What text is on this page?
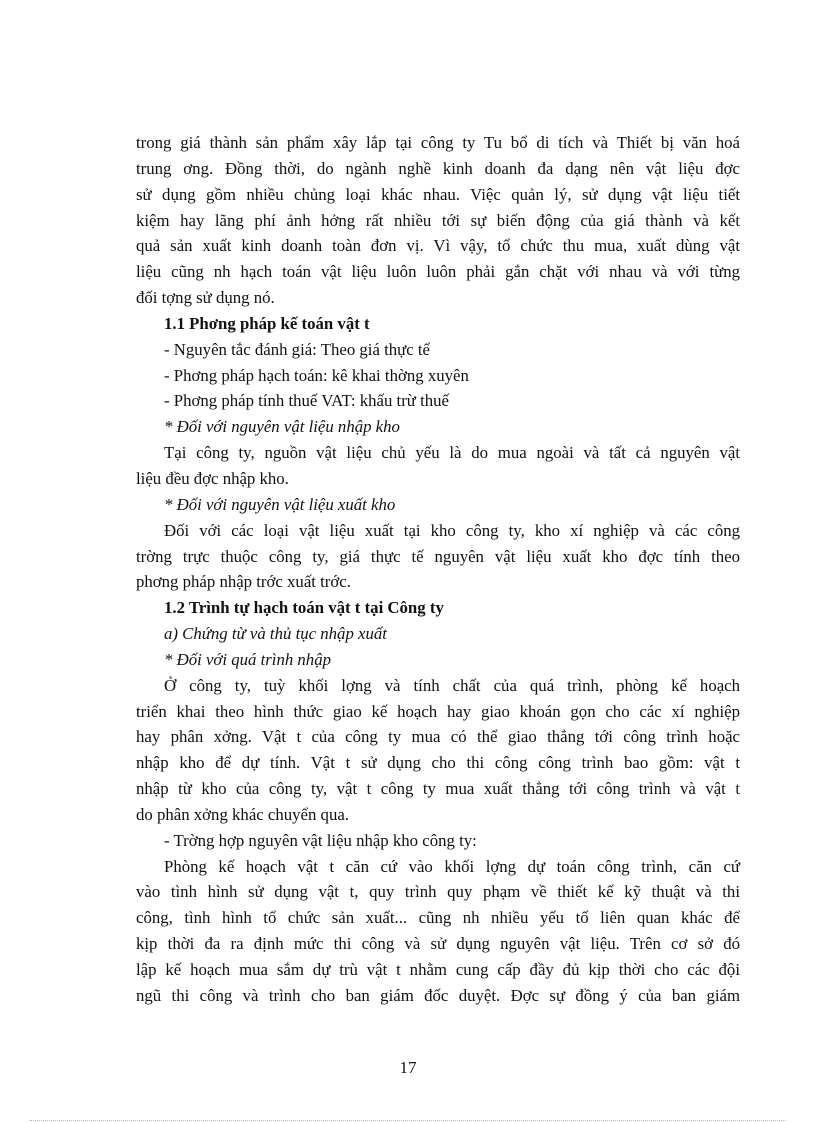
trong giá thành sản phẩm xây lắp tại công ty Tu bổ di tích và Thiết bị văn hoá
trung ơng. Đồng thời, do ngành nghề kinh doanh đa dạng nên vật liệu đợc
sử dụng gồm nhiều chủng loại khác nhau. Việc quản lý, sử dụng vật liệu tiết
kiệm hay lãng phí ảnh hởng rất nhiều tới sự biến động của giá thành và kết
quả sản xuất kinh doanh toàn đơn vị. Vì vậy, tổ chức thu mua, xuất dùng vật
liệu cũng nh hạch toán vật liệu luôn luôn phải gắn chặt với nhau và với từng
đối tợng sử dụng nó.
1.1 Phơng pháp kế toán vật t
- Nguyên tắc đánh giá: Theo giá thực tế
- Phơng pháp hạch toán: kê khai thờng xuyên
- Phơng pháp tính thuế VAT: khấu trừ thuế
* Đối với nguyên vật liệu nhập kho
Tại công ty, nguồn vật liệu chủ yếu là do mua ngoài và tất cả nguyên vật
liệu đều đợc nhập kho.
* Đối với nguyên vật liệu xuất kho
Đối với các loại vật liệu xuất tại kho công ty, kho xí nghiệp và các công
trờng trực thuộc công ty, giá thực tế nguyên vật liệu xuất kho đợc tính theo
phơng pháp nhập trớc xuất trớc.
1.2 Trình tự hạch toán vật t tại Công ty
a) Chứng từ và thủ tục nhập xuất
* Đối với quá trình nhập
Ở công ty, tuỳ khối lợng và tính chất của quá trình, phòng kế hoạch
triển khai theo hình thức giao kế hoạch hay giao khoán gọn cho các xí nghiệp
hay phân xởng. Vật t của công ty mua có thể giao thẳng tới công trình hoặc
nhập kho để dự tính. Vật t sử dụng cho thi công công trình bao gồm: vật t
nhập từ kho của công ty, vật t công ty mua xuất thẳng tới công trình và vật t
do phân xởng khác chuyển qua.
- Trờng hợp nguyên vật liệu nhập kho công ty:
Phòng kế hoạch vật t căn cứ vào khối lợng dự toán công trình, căn cứ
vào tình hình sử dụng vật t, quy trình quy phạm về thiết kế kỹ thuật và thi
công, tình hình tổ chức sản xuất... cũng nh nhiều yếu tố liên quan khác để
kịp thời đa ra định mức thi công và sử dụng nguyên vật liệu. Trên cơ sở đó
lập kế hoạch mua sắm dự trù vật t nhằm cung cấp đầy đủ kịp thời cho các đội
ngũ thi công và trình cho ban giám đốc duyệt. Đợc sự đồng ý của ban giám
17
